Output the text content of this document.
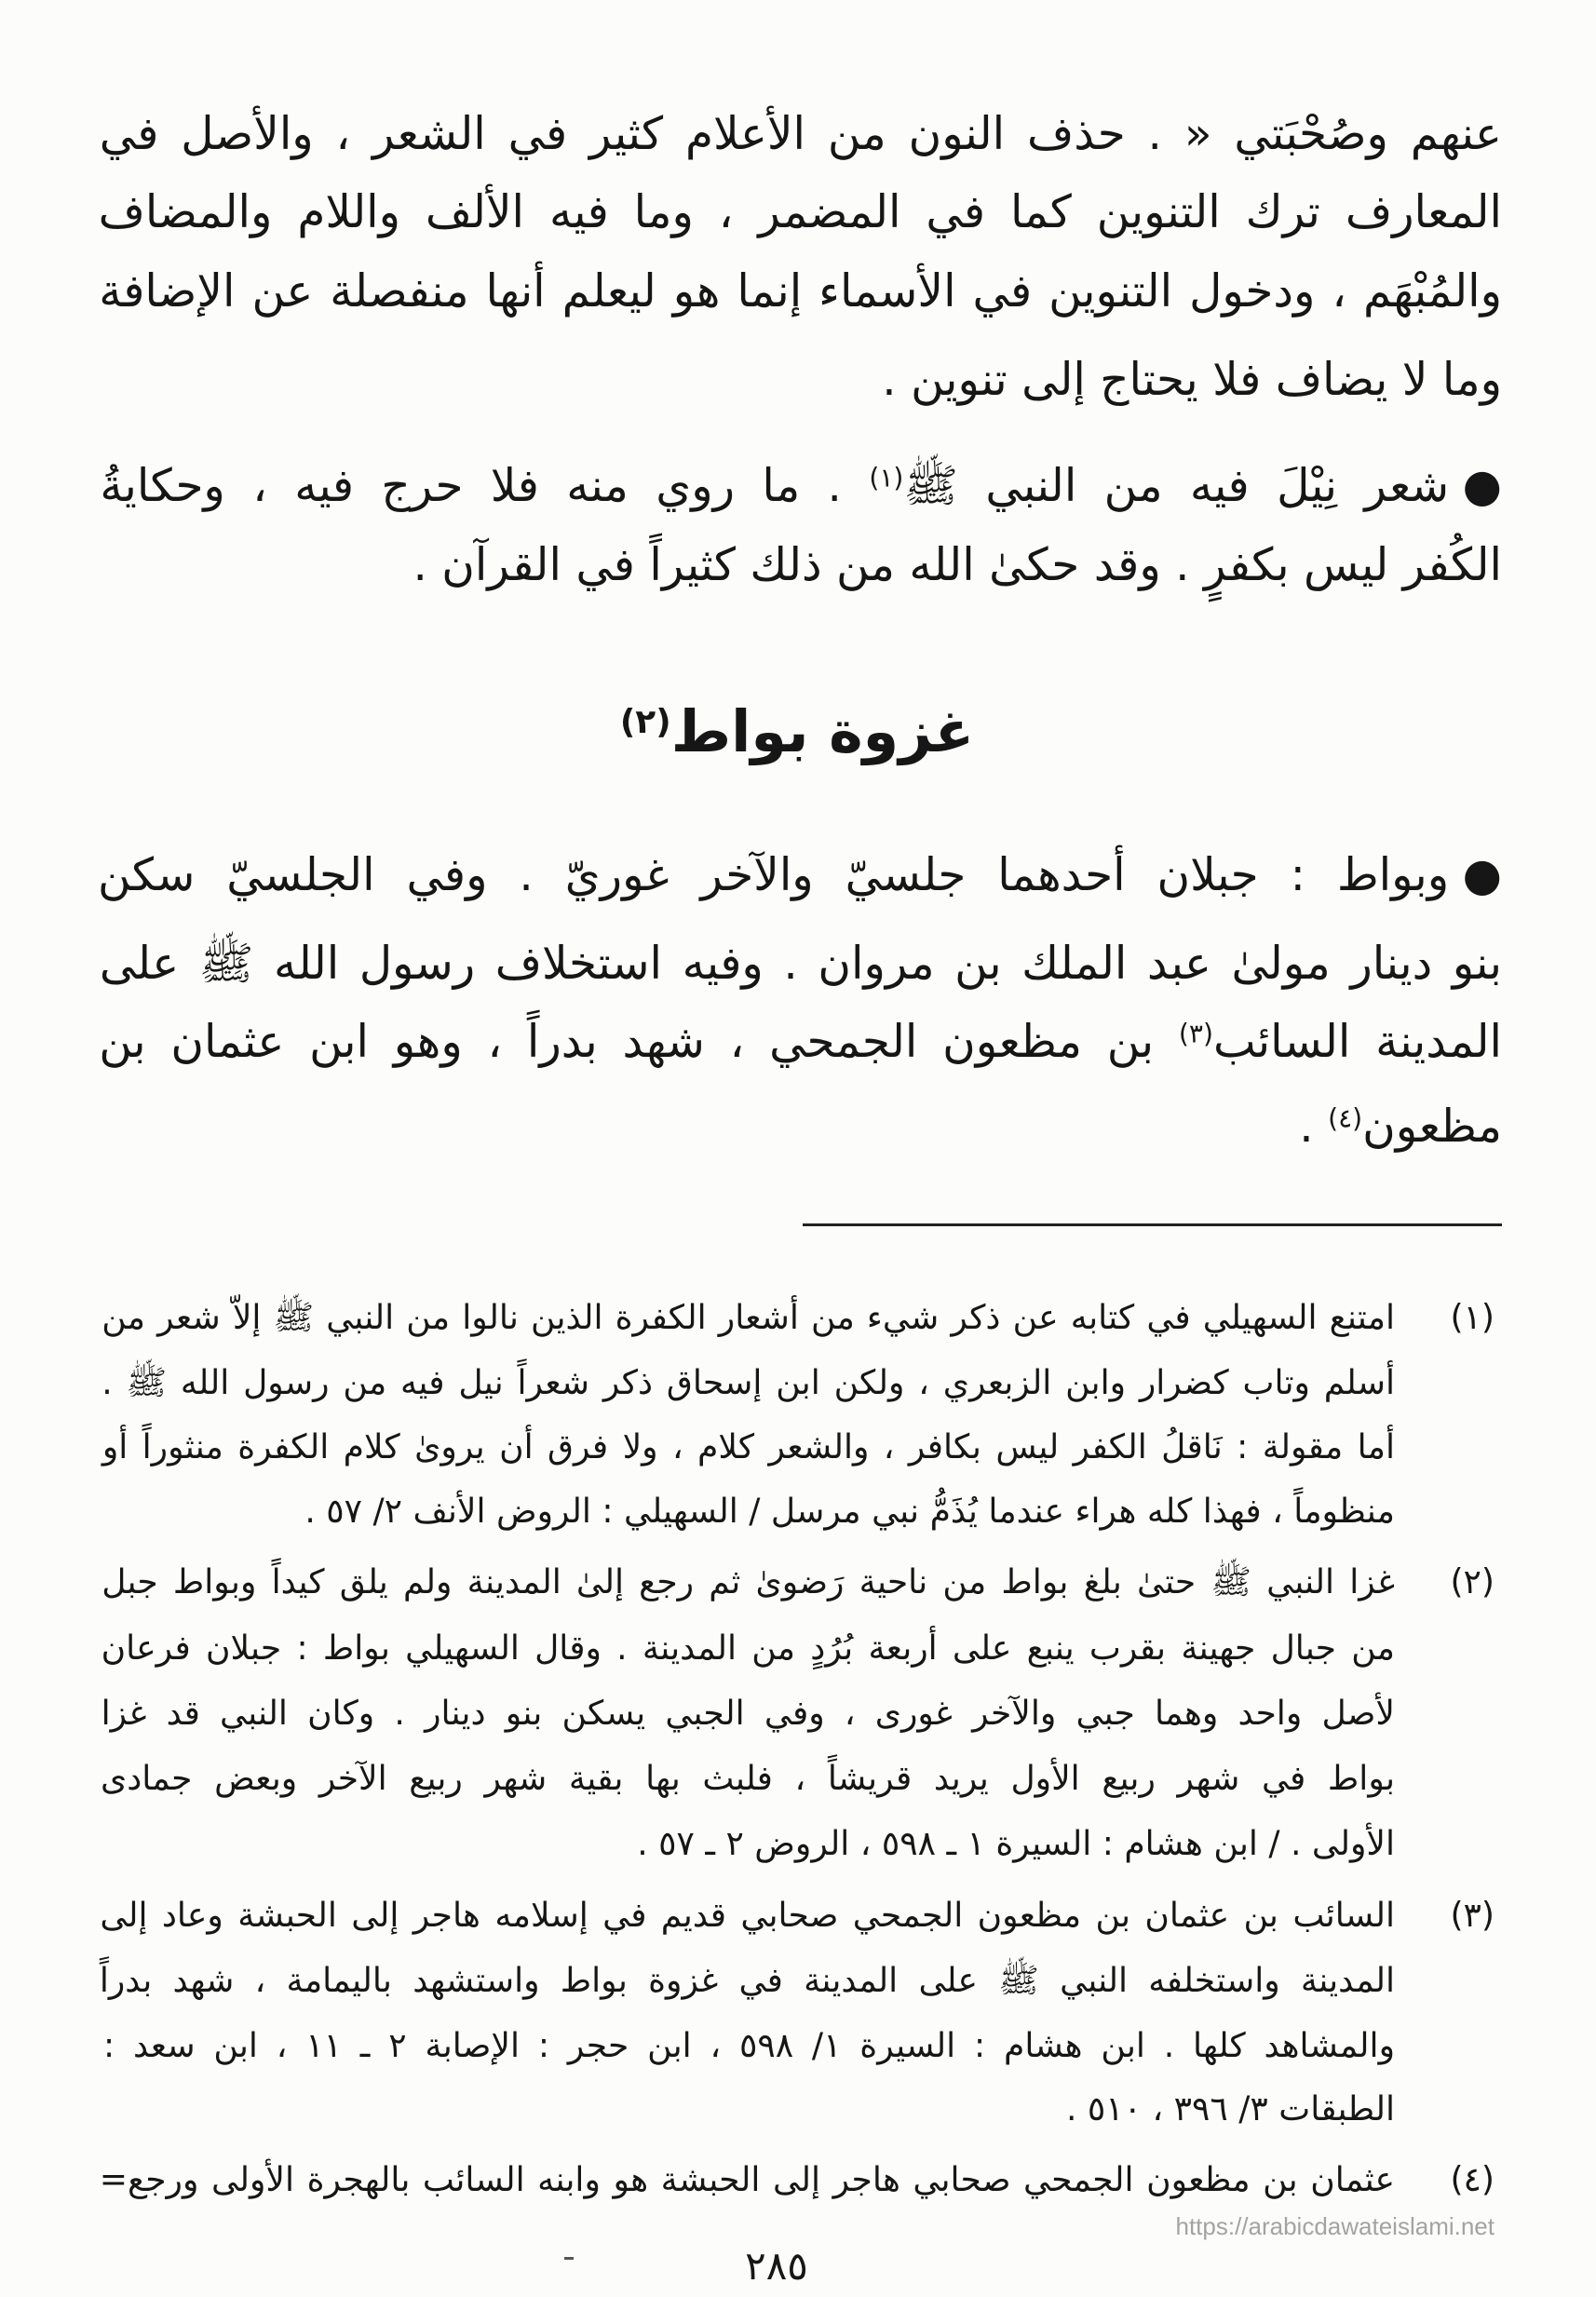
عنهم وصُحْبَتي » . حذف النون من الأعلام كثير في الشعر ، والأصل في
المعارف ترك التنوين كما في المضمر ، وما فيه الألف واللام والمضاف
والمُبْهَم ، ودخول التنوين في الأسماء إنما هو ليعلم أنها منفصلة عن الإضافة
وما لا يضاف فلا يحتاج إلى تنوين .
●شعر نِيْلَ فيه من النبي ﷺ$^{(١)}$ . ما روي منه فلا حرج فيه ، وحكايةُ
الكُفر ليس بكفرٍ . وقد حكىٰ الله من ذلك كثيراً في القرآن .
غزوة بواط$^{(٢)}$
●وبواط : جبلان أحدهما جلسيّ والآخر غوريّ . وفي الجلسيّ سكن
بنو دينار مولىٰ عبد الملك بن مروان . وفيه استخلاف رسول الله ﷺ على
المدينة السائب$^{(٣)}$ بن مظعون الجمحي ، شهد بدراً ، وهو ابن عثمان بن
مظعون$^{(٤)}$ .
(١)
امتنع السهيلي في كتابه عن ذكر شيء من أشعار الكفرة الذين نالوا من النبي ﷺ إلاّ شعر من
أسلم وتاب كضرار وابن الزبعري ، ولكن ابن إسحاق ذكر شعراً نيل فيه من رسول الله ﷺ .
أما مقولة : نَاقلُ الكفر ليس بكافر ، والشعر كلام ، ولا فرق أن يروىٰ كلام الكفرة منثوراً أو
منظوماً ، فهذا كله هراء عندما يُذَمُّ نبي مرسل / السهيلي : الروض الأنف ٢/ ٥٧ .
(٢)
غزا النبي ﷺ حتىٰ بلغ بواط من ناحية رَضوىٰ ثم رجع إلىٰ المدينة ولم يلق كيداً وبواط جبل
من جبال جهينة بقرب ينبع على أربعة بُرُدٍ من المدينة . وقال السهيلي بواط : جبلان فرعان
لأصل واحد وهما جبي والآخر غورى ، وفي الجبي يسكن بنو دينار . وكان النبي قد غزا
بواط في شهر ربيع الأول يريد قريشاً ، فلبث بها بقية شهر ربيع الآخر وبعض جمادى
الأولى . / ابن هشام : السيرة ١ ـ ٥٩٨ ، الروض ٢ ـ ٥٧ .
(٣)
السائب بن عثمان بن مظعون الجمحي صحابي قديم في إسلامه هاجر إلى الحبشة وعاد إلى
المدينة واستخلفه النبي ﷺ على المدينة في غزوة بواط واستشهد باليمامة ، شهد بدراً
والمشاهد كلها . ابن هشام : السيرة ١/ ٥٩٨ ، ابن حجر : الإصابة ٢ ـ ١١ ، ابن سعد :
الطبقات ٣/ ٣٩٦ ، ٥١٠ .
(٤)
عثمان بن مظعون الجمحي صحابي هاجر إلى الحبشة هو وابنه السائب بالهجرة الأولى ورجع=
https://arabicdawateislami.net
٢٨٥
